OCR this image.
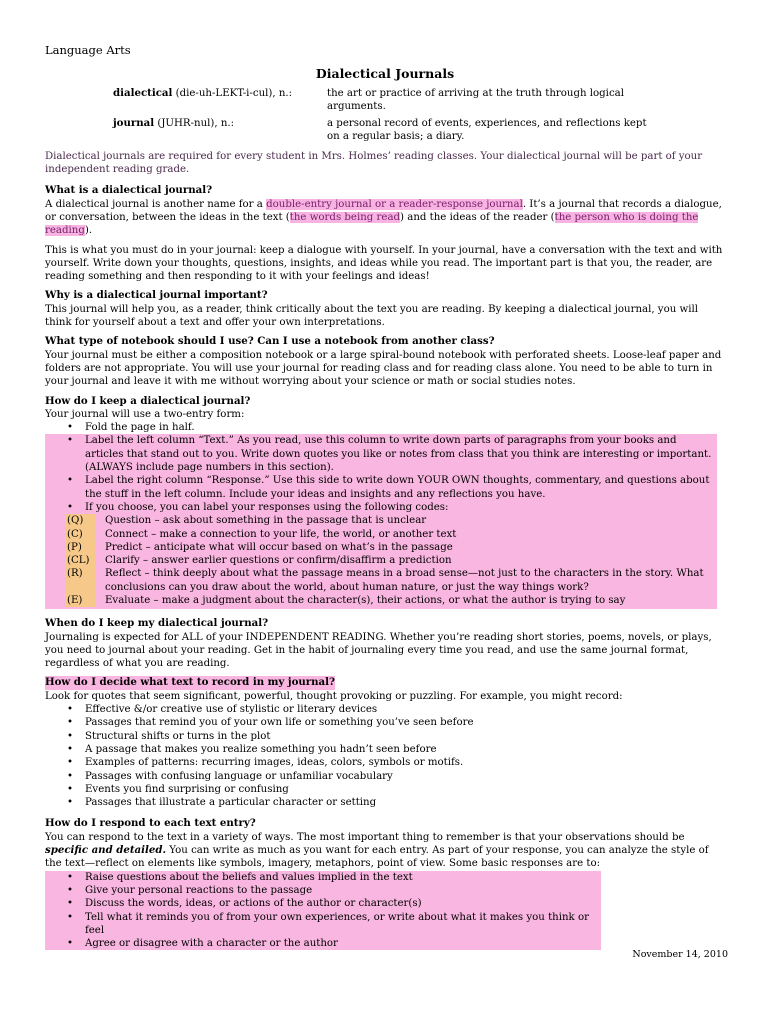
Language Arts
Dialectical Journals
dialectical (die-uh-LEKT-i-cul), n.:	the art or practice of arriving at the truth through logical arguments.
journal (JUHR-nul), n.:	a personal record of events, experiences, and reflections kept on a regular basis; a diary.
Dialectical journals are required for every student in Mrs. Holmes’ reading classes. Your dialectical journal will be part of your independent reading grade.
What is a dialectical journal?
A dialectical journal is another name for a double-entry journal or a reader-response journal. It’s a journal that records a dialogue, or conversation, between the ideas in the text (the words being read) and the ideas of the reader (the person who is doing the reading).
This is what you must do in your journal: keep a dialogue with yourself. In your journal, have a conversation with the text and with yourself. Write down your thoughts, questions, insights, and ideas while you read. The important part is that you, the reader, are reading something and then responding to it with your feelings and ideas!
Why is a dialectical journal important?
This journal will help you, as a reader, think critically about the text you are reading. By keeping a dialectical journal, you will think for yourself about a text and offer your own interpretations.
What type of notebook should I use? Can I use a notebook from another class?
Your journal must be either a composition notebook or a large spiral-bound notebook with perforated sheets. Loose-leaf paper and folders are not appropriate. You will use your journal for reading class and for reading class alone. You need to be able to turn in your journal and leave it with me without worrying about your science or math or social studies notes.
How do I keep a dialectical journal?
Your journal will use a two-entry form:
• Fold the page in half.
• Label the left column “Text.” As you read, use this column to write down parts of paragraphs from your books and articles that stand out to you. Write down quotes you like or notes from class that you think are interesting or important. (ALWAYS include page numbers in this section).
• Label the right column “Response.” Use this side to write down YOUR OWN thoughts, commentary, and questions about the stuff in the left column. Include your ideas and insights and any reflections you have.
• If you choose, you can label your responses using the following codes:
(Q)	Question – ask about something in the passage that is unclear
(C)	Connect – make a connection to your life, the world, or another text
(P)	Predict – anticipate what will occur based on what’s in the passage
(CL)	Clarify – answer earlier questions or confirm/disaffirm a prediction
(R)	Reflect – think deeply about what the passage means in a broad sense—not just to the characters in the story. What conclusions can you draw about the world, about human nature, or just the way things work?
(E)	Evaluate – make a judgment about the character(s), their actions, or what the author is trying to say
When do I keep my dialectical journal?
Journaling is expected for ALL of your INDEPENDENT READING. Whether you’re reading short stories, poems, novels, or plays, you need to journal about your reading. Get in the habit of journaling every time you read, and use the same journal format, regardless of what you are reading.
How do I decide what text to record in my journal?
Look for quotes that seem significant, powerful, thought provoking or puzzling. For example, you might record:
• Effective &/or creative use of stylistic or literary devices
• Passages that remind you of your own life or something you’ve seen before
• Structural shifts or turns in the plot
• A passage that makes you realize something you hadn’t seen before
• Examples of patterns: recurring images, ideas, colors, symbols or motifs.
• Passages with confusing language or unfamiliar vocabulary
• Events you find surprising or confusing
• Passages that illustrate a particular character or setting
How do I respond to each text entry?
You can respond to the text in a variety of ways. The most important thing to remember is that your observations should be specific and detailed. You can write as much as you want for each entry. As part of your response, you can analyze the style of the text—reflect on elements like symbols, imagery, metaphors, point of view. Some basic responses are to:
• Raise questions about the beliefs and values implied in the text
• Give your personal reactions to the passage
• Discuss the words, ideas, or actions of the author or character(s)
• Tell what it reminds you of from your own experiences, or write about what it makes you think or feel
• Agree or disagree with a character or the author
November 14, 2010
